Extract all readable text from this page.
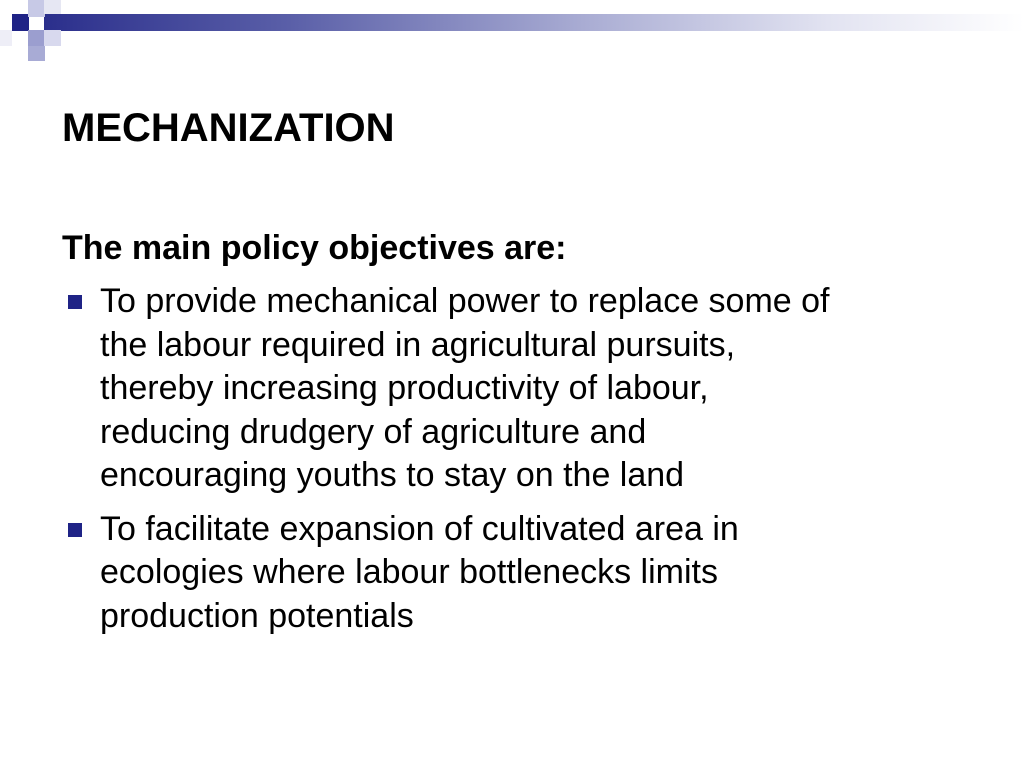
MECHANIZATION

The main policy objectives are:

To provide mechanical power to replace some of
the labour required in agricultural pursuits,
thereby increasing productivity of labour,
reducing drudgery of agriculture and
encouraging youths to stay on the land
To facilitate expansion of cultivated area in
ecologies where labour bottlenecks limits
production potentials
